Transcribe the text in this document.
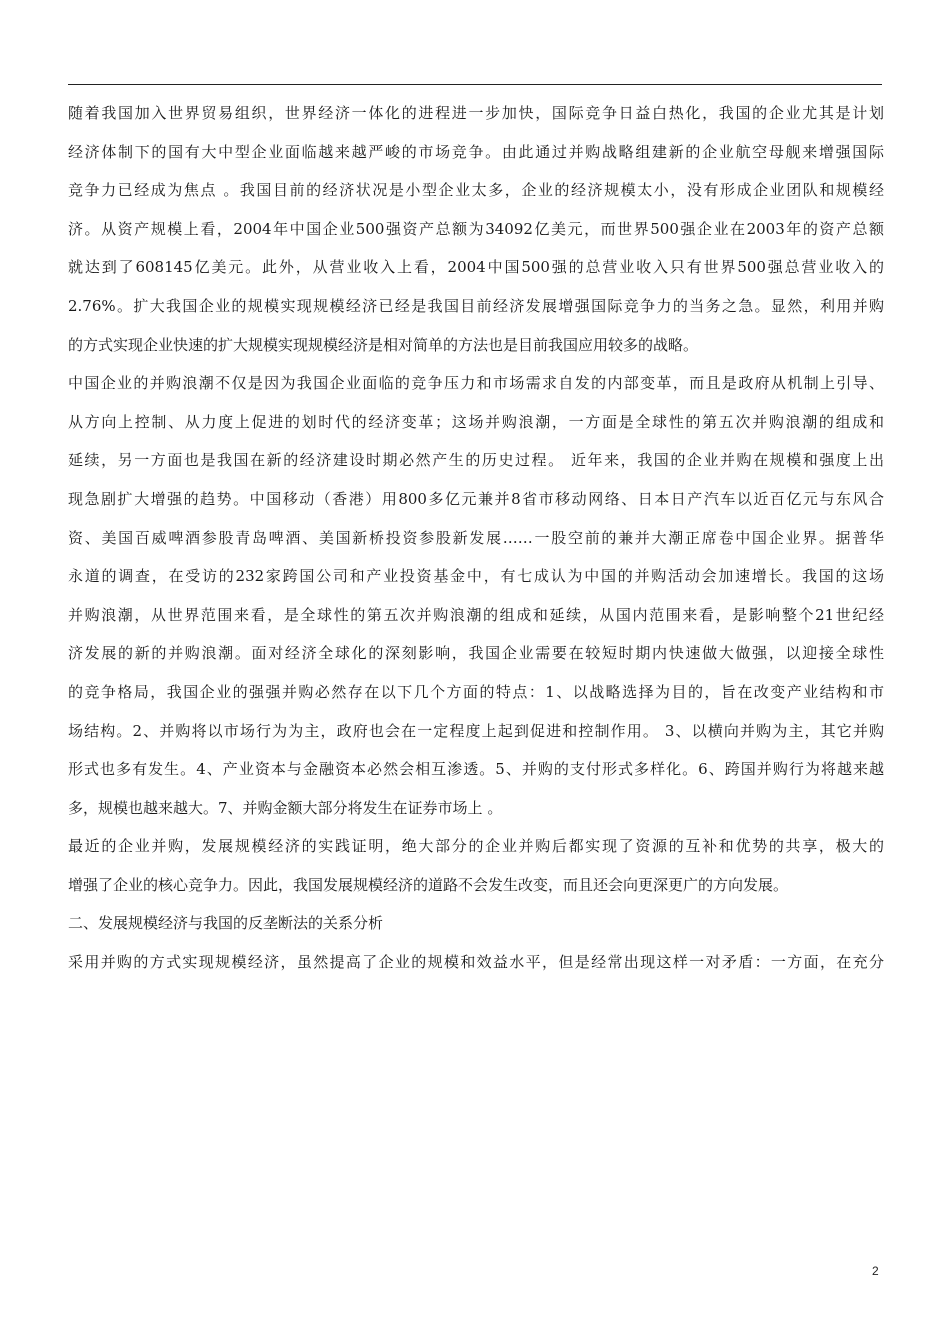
随着我国加入世界贸易组织，世界经济一体化的进程进一步加快，国际竞争日益白热化，我国的企业尤其是计划
经济体制下的国有大中型企业面临越来越严峻的市场竞争。由此通过并购战略组建新的企业航空母舰来增强国际
竞争力已经成为焦点 。我国目前的经济状况是小型企业太多，企业的经济规模太小，没有形成企业团队和规模经
济。从资产规模上看，2004年中国企业500强资产总额为34092亿美元，而世界500强企业在2003年的资产总额
就达到了608145亿美元。此外，从营业收入上看，2004中国500强的总营业收入只有世界500强总营业收入的
2.76%。扩大我国企业的规模实现规模经济已经是我国目前经济发展增强国际竞争力的当务之急。显然，利用并购
的方式实现企业快速的扩大规模实现规模经济是相对简单的方法也是目前我国应用较多的战略。
中国企业的并购浪潮不仅是因为我国企业面临的竞争压力和市场需求自发的内部变革，而且是政府从机制上引导、
从方向上控制、从力度上促进的划时代的经济变革；这场并购浪潮，一方面是全球性的第五次并购浪潮的组成和
延续，另一方面也是我国在新的经济建设时期必然产生的历史过程。 近年来，我国的企业并购在规模和强度上出
现急剧扩大增强的趋势。中国移动（香港）用800多亿元兼并8省市移动网络、日本日产汽车以近百亿元与东风合
资、美国百威啤酒参股青岛啤酒、美国新桥投资参股新发展……一股空前的兼并大潮正席卷中国企业界。据普华
永道的调查，在受访的232家跨国公司和产业投资基金中，有七成认为中国的并购活动会加速增长。我国的这场
并购浪潮，从世界范围来看，是全球性的第五次并购浪潮的组成和延续，从国内范围来看，是影响整个21世纪经
济发展的新的并购浪潮。面对经济全球化的深刻影响，我国企业需要在较短时期内快速做大做强，以迎接全球性
的竞争格局，我国企业的强强并购必然存在以下几个方面的特点：1、以战略选择为目的，旨在改变产业结构和市
场结构。2、并购将以市场行为为主，政府也会在一定程度上起到促进和控制作用。 3、以横向并购为主，其它并购
形式也多有发生。4、产业资本与金融资本必然会相互渗透。5、并购的支付形式多样化。6、跨国并购行为将越来越
多，规模也越来越大。7、并购金额大部分将发生在证券市场上 。
最近的企业并购，发展规模经济的实践证明，绝大部分的企业并购后都实现了资源的互补和优势的共享，极大的
增强了企业的核心竞争力。因此，我国发展规模经济的道路不会发生改变，而且还会向更深更广的方向发展。
二、发展规模经济与我国的反垄断法的关系分析
采用并购的方式实现规模经济，虽然提高了企业的规模和效益水平，但是经常出现这样一对矛盾：一方面，在充分
2
